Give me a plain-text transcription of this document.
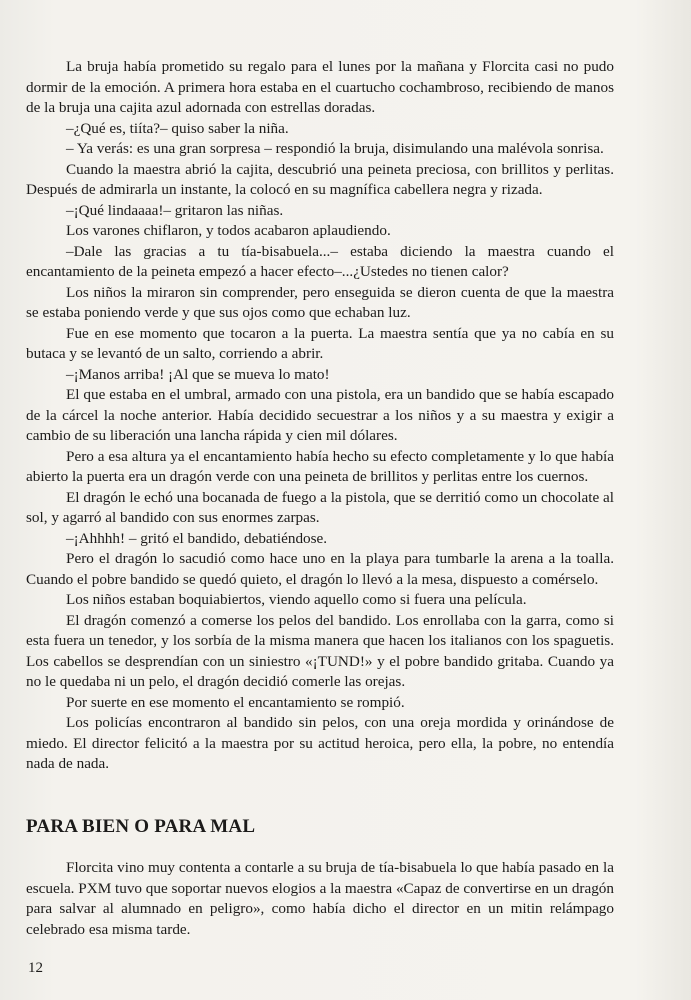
La bruja había prometido su regalo para el lunes por la mañana y Florcita casi no pudo dormir de la emoción. A primera hora estaba en el cuartucho cochambroso, recibiendo de manos de la bruja una cajita azul adornada con estrellas doradas.

–¿Qué es, tiíta?– quiso saber la niña.

– Ya verás: es una gran sorpresa – respondió la bruja, disimulando una malévola sonrisa.

Cuando la maestra abrió la cajita, descubrió una peineta preciosa, con brillitos y perlitas. Después de admirarla un instante, la colocó en su magnífica cabellera negra y rizada.

–¡Qué lindaaaa!– gritaron las niñas.

Los varones chiflaron, y todos acabaron aplaudiendo.

–Dale las gracias a tu tía-bisabuela...– estaba diciendo la maestra cuando el encantamiento de la peineta empezó a hacer efecto–...¿Ustedes no tienen calor?

Los niños la miraron sin comprender, pero enseguida se dieron cuenta de que la maestra se estaba poniendo verde y que sus ojos como que echaban luz.

Fue en ese momento que tocaron a la puerta. La maestra sentía que ya no cabía en su butaca y se levantó de un salto, corriendo a abrir.

–¡Manos arriba! ¡Al que se mueva lo mato!

El que estaba en el umbral, armado con una pistola, era un bandido que se había escapado de la cárcel la noche anterior. Había decidido secuestrar a los niños y a su maestra y exigir a cambio de su liberación una lancha rápida y cien mil dólares.

Pero a esa altura ya el encantamiento había hecho su efecto completamente y lo que había abierto la puerta era un dragón verde con una peineta de brillitos y perlitas entre los cuernos.

El dragón le echó una bocanada de fuego a la pistola, que se derritió como un chocolate al sol, y agarró al bandido con sus enormes zarpas.

–¡Ahhhh! – gritó el bandido, debatiéndose.

Pero el dragón lo sacudió como hace uno en la playa para tumbarle la arena a la toalla. Cuando el pobre bandido se quedó quieto, el dragón lo llevó a la mesa, dispuesto a comérselo.

Los niños estaban boquiabiertos, viendo aquello como si fuera una película.

El dragón comenzó a comerse los pelos del bandido. Los enrollaba con la garra, como si esta fuera un tenedor, y los sorbía de la misma manera que hacen los italianos con los spaguetis. Los cabellos se desprendían con un siniestro «¡TUND!» y el pobre bandido gritaba. Cuando ya no le quedaba ni un pelo, el dragón decidió comerle las orejas.

Por suerte en ese momento el encantamiento se rompió.

Los policías encontraron al bandido sin pelos, con una oreja mordida y orinándose de miedo. El director felicitó a la maestra por su actitud heroica, pero ella, la pobre, no entendía nada de nada.

PARA BIEN O PARA MAL

Florcita vino muy contenta a contarle a su bruja de tía-bisabuela lo que había pasado en la escuela. PXM tuvo que soportar nuevos elogios a la maestra «Capaz de convertirse en un dragón para salvar al alumnado en peligro», como había dicho el director en un mitin relámpago celebrado esa misma tarde.

12
